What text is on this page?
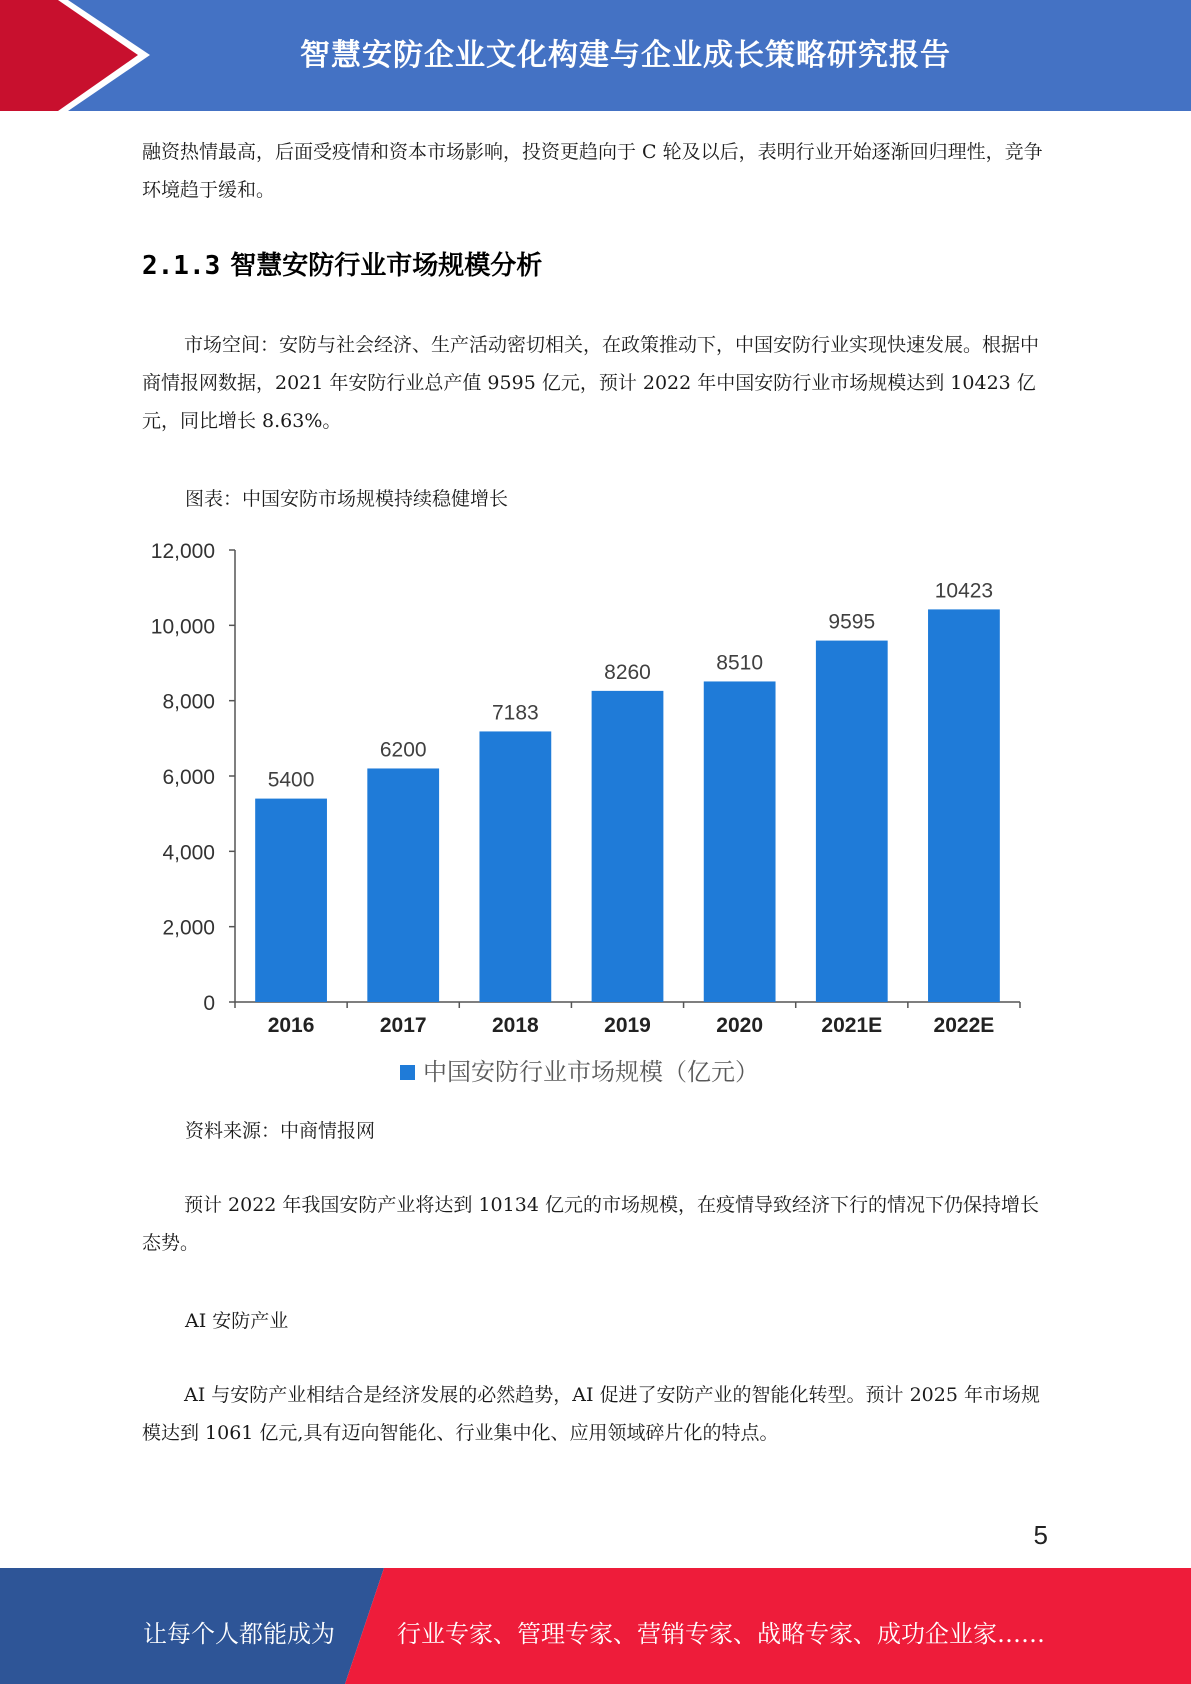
智慧安防企业文化构建与企业成长策略研究报告

融资热情最高，后面受疫情和资本市场影响，投资更趋向于 C 轮及以后，表明行业开始逐渐回归理性，竞争环境趋于缓和。

2.1.3 智慧安防行业市场规模分析

市场空间：安防与社会经济、生产活动密切相关，在政策推动下，中国安防行业实现快速发展。根据中商情报网数据，2021 年安防行业总产值 9595 亿元，预计 2022 年中国安防行业市场规模达到 10423 亿元，同比增长 8.63%。

图表：中国安防市场规模持续稳健增长

0
2,000
4,000
6,000
8,000
10,000
12,000
2016	2017	2018	2019	2020	2021E 2022E
5400
6200
7183
8260	8510
9595
10423
中国安防行业市场规模（亿元）

资料来源：中商情报网

预计 2022 年我国安防产业将达到 10134 亿元的市场规模，在疫情导致经济下行的情况下仍保持增长态势。

AI 安防产业

AI 与安防产业相结合是经济发展的必然趋势，AI 促进了安防产业的智能化转型。预计 2025 年市场规模达到 1061 亿元,具有迈向智能化、行业集中化、应用领域碎片化的特点。

5
让每个人都能成为	行业专家、管理专家、营销专家、战略专家、成功企业家……
